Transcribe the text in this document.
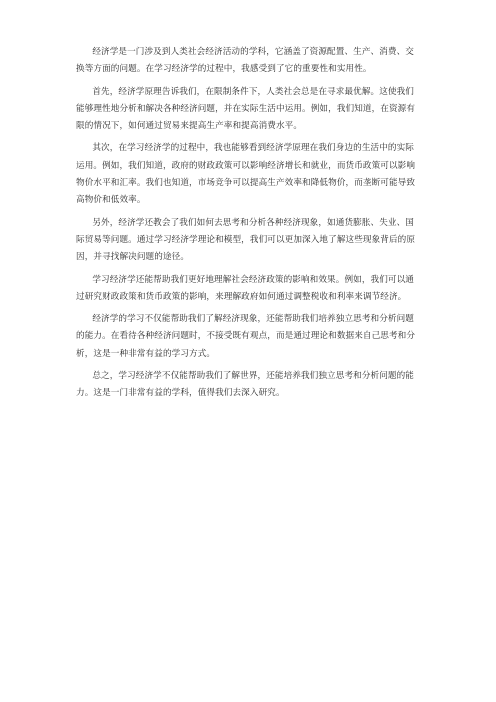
经济学是一门涉及到人类社会经济活动的学科，它涵盖了资源配置、生产、消费、交换等方面的问题。在学习经济学的过程中，我感受到了它的重要性和实用性。

首先，经济学原理告诉我们，在限制条件下，人类社会总是在寻求最优解。这使我们能够理性地分析和解决各种经济问题，并在实际生活中运用。例如，我们知道，在资源有限的情况下，如何通过贸易来提高生产率和提高消费水平。

其次，在学习经济学的过程中，我也能够看到经济学原理在我们身边的生活中的实际运用。例如，我们知道，政府的财政政策可以影响经济增长和就业，而货币政策可以影响物价水平和汇率。我们也知道，市场竞争可以提高生产效率和降低物价，而垄断可能导致高物价和低效率。

另外，经济学还教会了我们如何去思考和分析各种经济现象，如通货膨胀、失业、国际贸易等问题。通过学习经济学理论和模型，我们可以更加深入地了解这些现象背后的原因，并寻找解决问题的途径。

学习经济学还能帮助我们更好地理解社会经济政策的影响和效果。例如，我们可以通过研究财政政策和货币政策的影响，来理解政府如何通过调整税收和利率来调节经济。

经济学的学习不仅能帮助我们了解经济现象，还能帮助我们培养独立思考和分析问题的能力。在看待各种经济问题时，不接受既有观点，而是通过理论和数据来自己思考和分析，这是一种非常有益的学习方式。

总之，学习经济学不仅能帮助我们了解世界，还能培养我们独立思考和分析问题的能力。这是一门非常有益的学科，值得我们去深入研究。
